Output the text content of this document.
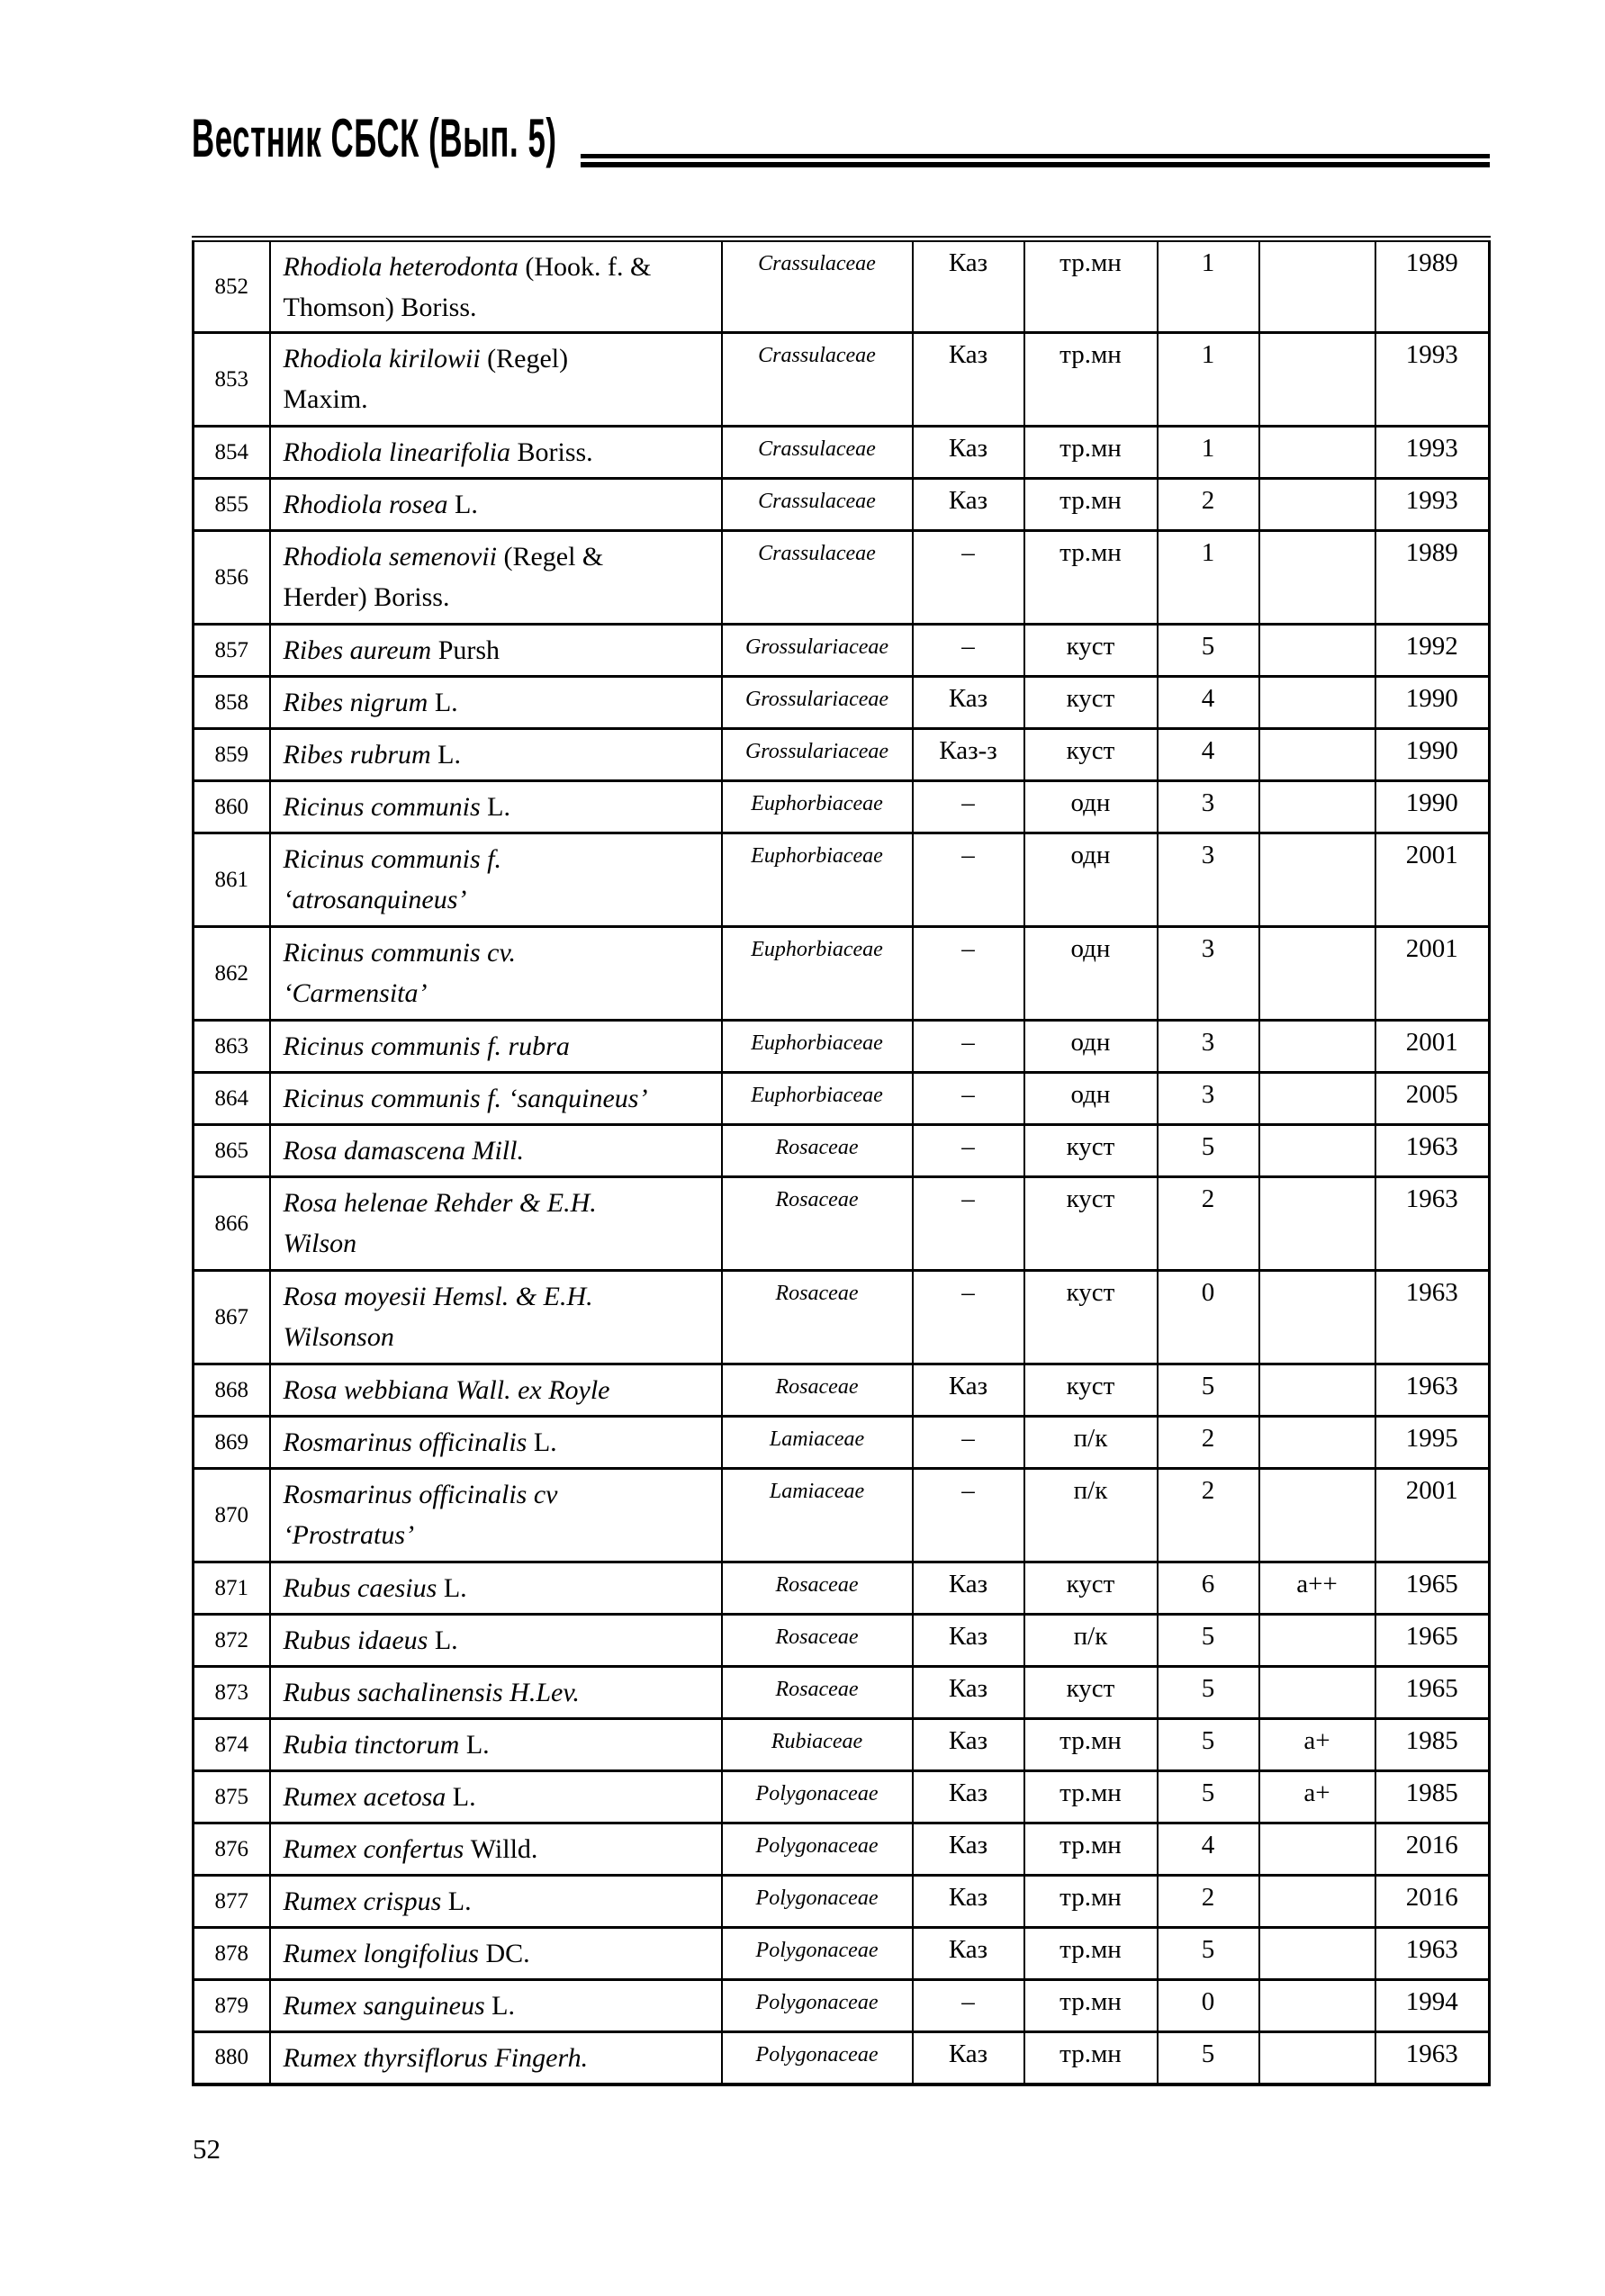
Вестник СБСК (Вып. 5)
852	Rhodiola heterodonta (Hook. f. &
Thomson) Boriss.	Crassulaceae	Каз	тр.мн	1		1989
853	Rhodiola kirilowii (Regel)
Maxim.	Crassulaceae	Каз	тр.мн	1		1993
854	Rhodiola linearifolia Boriss.	Crassulaceae	Каз	тр.мн	1		1993
855	Rhodiola rosea L.	Crassulaceae	Каз	тр.мн	2		1993
856	Rhodiola semenovii (Regel &
Herder) Boriss.	Crassulaceae	–	тр.мн	1		1989
857	Ribes aureum Pursh	Grossulariaceae	–	куст	5		1992
858	Ribes nigrum L.	Grossulariaceae	Каз	куст	4		1990
859	Ribes rubrum L.	Grossulariaceae	Каз-з	куст	4		1990
860	Ricinus communis L.	Euphorbiaceae	–	одн	3		1990
861	Ricinus communis f.
‘atrosanquineus’	Euphorbiaceae	–	одн	3		2001
862	Ricinus communis cv.
‘Carmensita’	Euphorbiaceae	–	одн	3		2001
863	Ricinus communis f. rubra	Euphorbiaceae	–	одн	3		2001
864	Ricinus communis f. ‘sanquineus’	Euphorbiaceae	–	одн	3		2005
865	Rosa damascena Mill.	Rosaceae	–	куст	5		1963
866	Rosa helenae Rehder & E.H.
Wilson	Rosaceae	–	куст	2		1963
867	Rosa moyesii Hemsl. & E.H.
Wilsonson	Rosaceae	–	куст	0		1963
868	Rosa webbiana Wall. ex Royle	Rosaceae	Каз	куст	5		1963
869	Rosmarinus officinalis L.	Lamiaceae	–	п/к	2		1995
870	Rosmarinus officinalis cv
‘Prostratus’	Lamiaceae	–	п/к	2		2001
871	Rubus caesius L.	Rosaceae	Каз	куст	6	а++	1965
872	Rubus idaeus L.	Rosaceae	Каз	п/к	5		1965
873	Rubus sachalinensis H.Lev.	Rosaceae	Каз	куст	5		1965
874	Rubia tinctorum L.	Rubiaceae	Каз	тр.мн	5	а+	1985
875	Rumex acetosa L.	Polygonaceae	Каз	тр.мн	5	а+	1985
876	Rumex confertus Willd.	Polygonaceae	Каз	тр.мн	4		2016
877	Rumex crispus L.	Polygonaceae	Каз	тр.мн	2		2016
878	Rumex longifolius DC.	Polygonaceae	Каз	тр.мн	5		1963
879	Rumex sanguineus L.	Polygonaceae	–	тр.мн	0		1994
880	Rumex thyrsiflorus Fingerh.	Polygonaceae	Каз	тр.мн	5		1963
52
